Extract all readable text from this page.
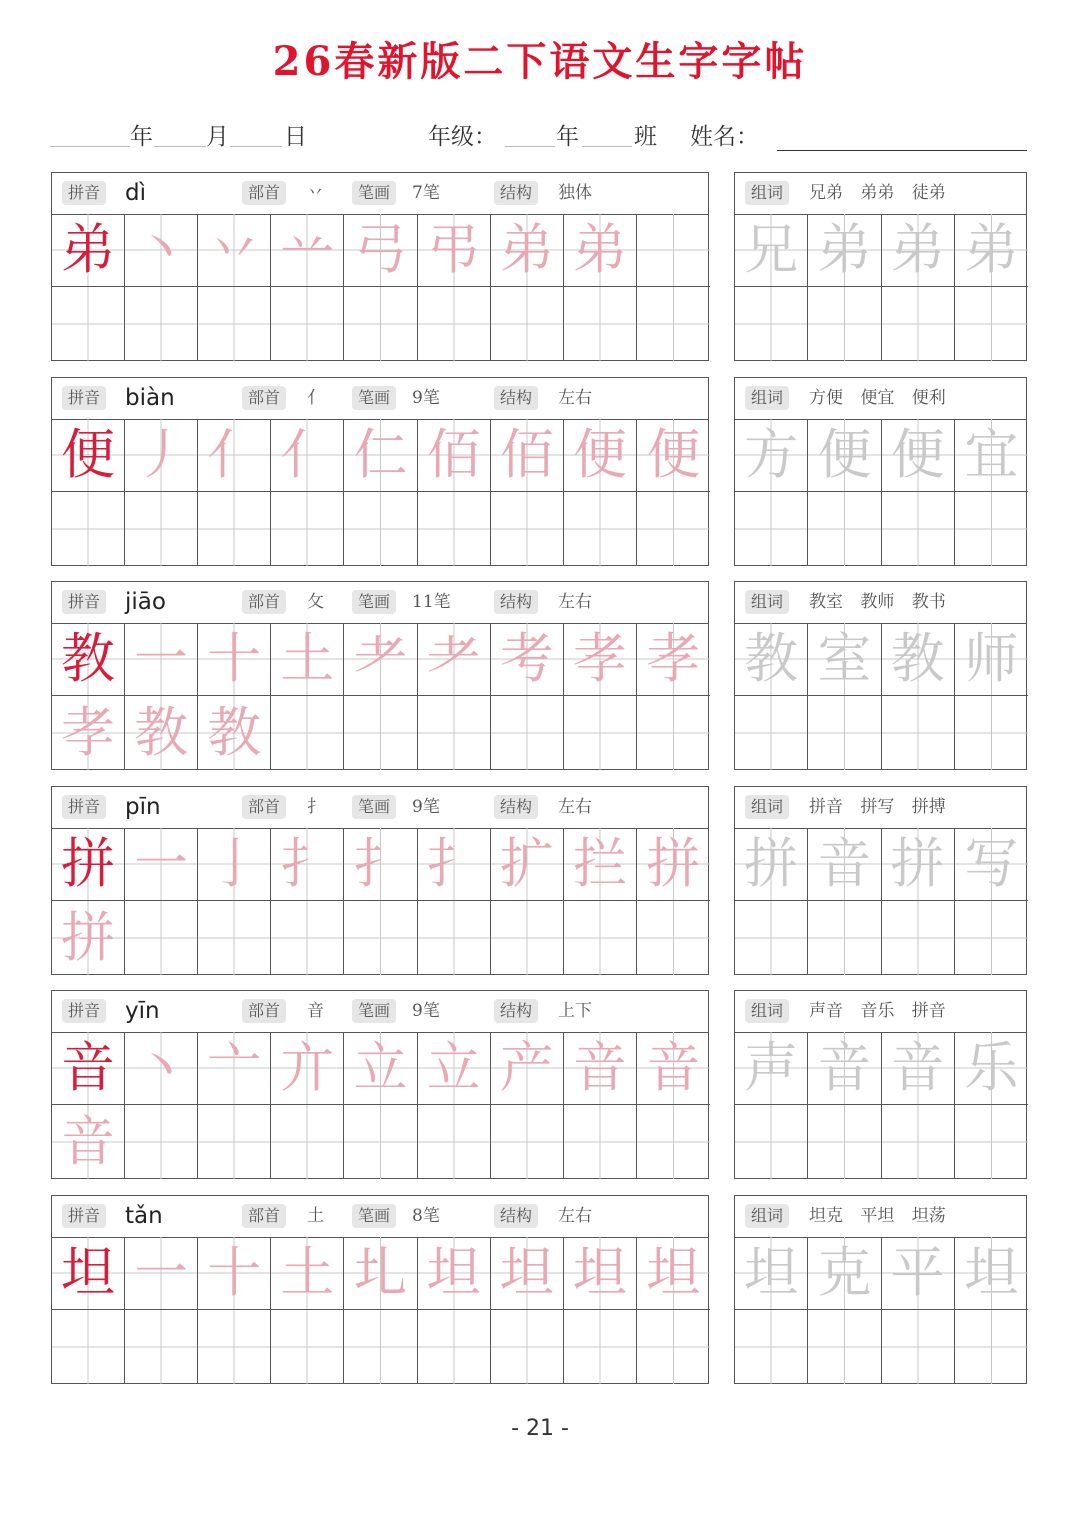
26春新版二下语文生字字帖
年 月 日	年级：	年 班 姓名：
拼音 dì	部首	丷	笔画	7笔	结构	独体
弟 丶 丷 䒑 弓 弔 弟 弟
组词	兄弟 弟弟 徒弟
兄 弟 弟 弟
拼音 biàn	部首	亻	笔画	9笔	结构	左右
便 丿 亻 亻 仁 佰 佰 便 便
组词	方便 便宜 便利
方 便 便 宜
拼音 jiāo	部首	攵	笔画	11笔	结构	左右
教 一 十 土 耂 耂 考 孝 孝
孝 教 教
组词	教室 教师 教书
教 室 教 师
拼音 pīn	部首	扌	笔画	9笔	结构	左右
拼 一 亅 扌 扌 扌 扩 拦 拼
拼
组词	拼音 拼写 拼搏
拼 音 拼 写
拼音 yīn	部首	音	笔画	9笔	结构	上下
音 丶 亠 亣 立 立 产 音 音
音
组词	声音 音乐 拼音
声 音 音 乐
拼音 tǎn	部首	土	笔画	8笔	结构	左右
坦 一 十 土 圠 坦 坦 坦 坦
组词	坦克 平坦 坦荡
坦 克 平 坦
- 21 -
